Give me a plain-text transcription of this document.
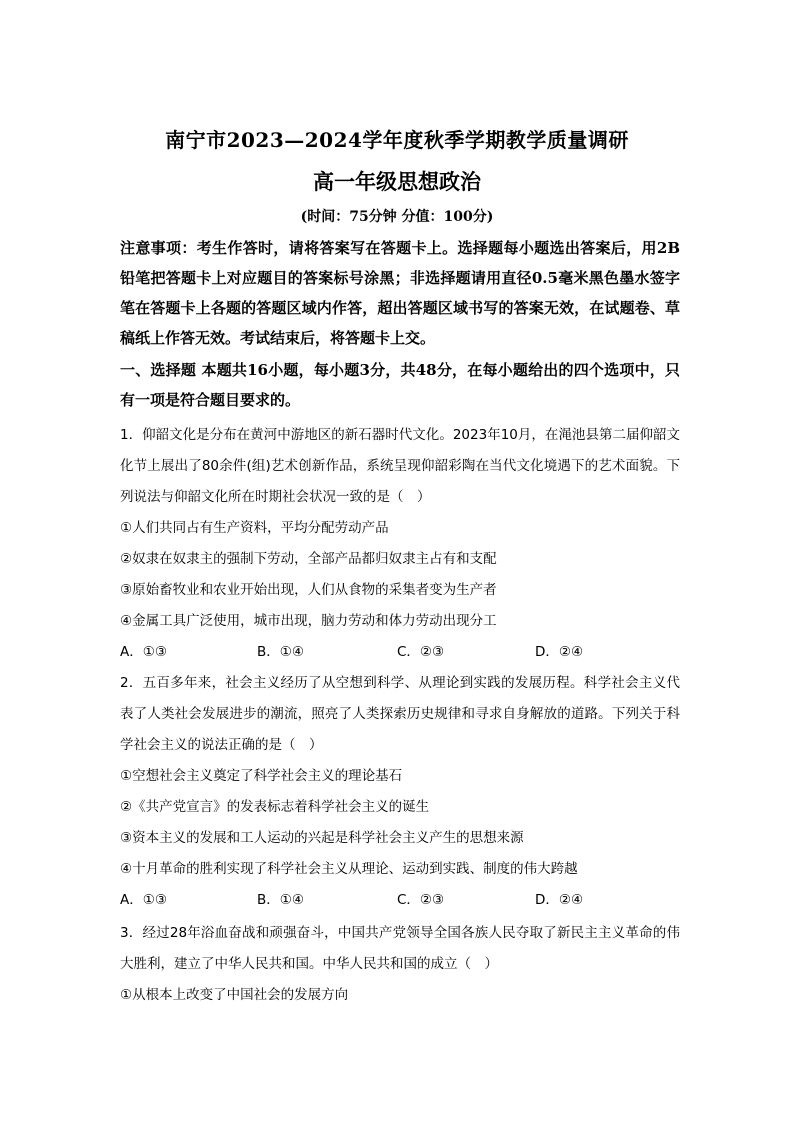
南宁市2023—2024学年度秋季学期教学质量调研
高一年级思想政治
(时间：75分钟 分值：100分)
注意事项：考生作答时，请将答案写在答题卡上。选择题每小题选出答案后，用2B铅笔把答题卡上对应题目的答案标号涂黑；非选择题请用直径0.5毫米黑色墨水签字笔在答题卡上各题的答题区域内作答，超出答题区域书写的答案无效，在试题卷、草稿纸上作答无效。考试结束后，将答题卡上交。
一、选择题 本题共16小题，每小题3分，共48分，在每小题给出的四个选项中，只有一项是符合题目要求的。
1．仰韶文化是分布在黄河中游地区的新石器时代文化。2023年10月，在渑池县第二届仰韶文化节上展出了80余件(组)艺术创新作品，系统呈现仰韶彩陶在当代文化境遇下的艺术面貌。下列说法与仰韶文化所在时期社会状况一致的是（　）
①人们共同占有生产资料，平均分配劳动产品
②奴隶在奴隶主的强制下劳动，全部产品都归奴隶主占有和支配
③原始畜牧业和农业开始出现，人们从食物的采集者变为生产者
④金属工具广泛使用，城市出现，脑力劳动和体力劳动出现分工
A．①③	B．①④	C．②③	D．②④
2．五百多年来，社会主义经历了从空想到科学、从理论到实践的发展历程。科学社会主义代表了人类社会发展进步的潮流，照亮了人类探索历史规律和寻求自身解放的道路。下列关于科学社会主义的说法正确的是（　）
①空想社会主义奠定了科学社会主义的理论基石
②《共产党宣言》的发表标志着科学社会主义的诞生
③资本主义的发展和工人运动的兴起是科学社会主义产生的思想来源
④十月革命的胜利实现了科学社会主义从理论、运动到实践、制度的伟大跨越
A．①③	B．①④	C．②③	D．②④
3．经过28年浴血奋战和顽强奋斗，中国共产党领导全国各族人民夺取了新民主主义革命的伟大胜利，建立了中华人民共和国。中华人民共和国的成立（　）
①从根本上改变了中国社会的发展方向
